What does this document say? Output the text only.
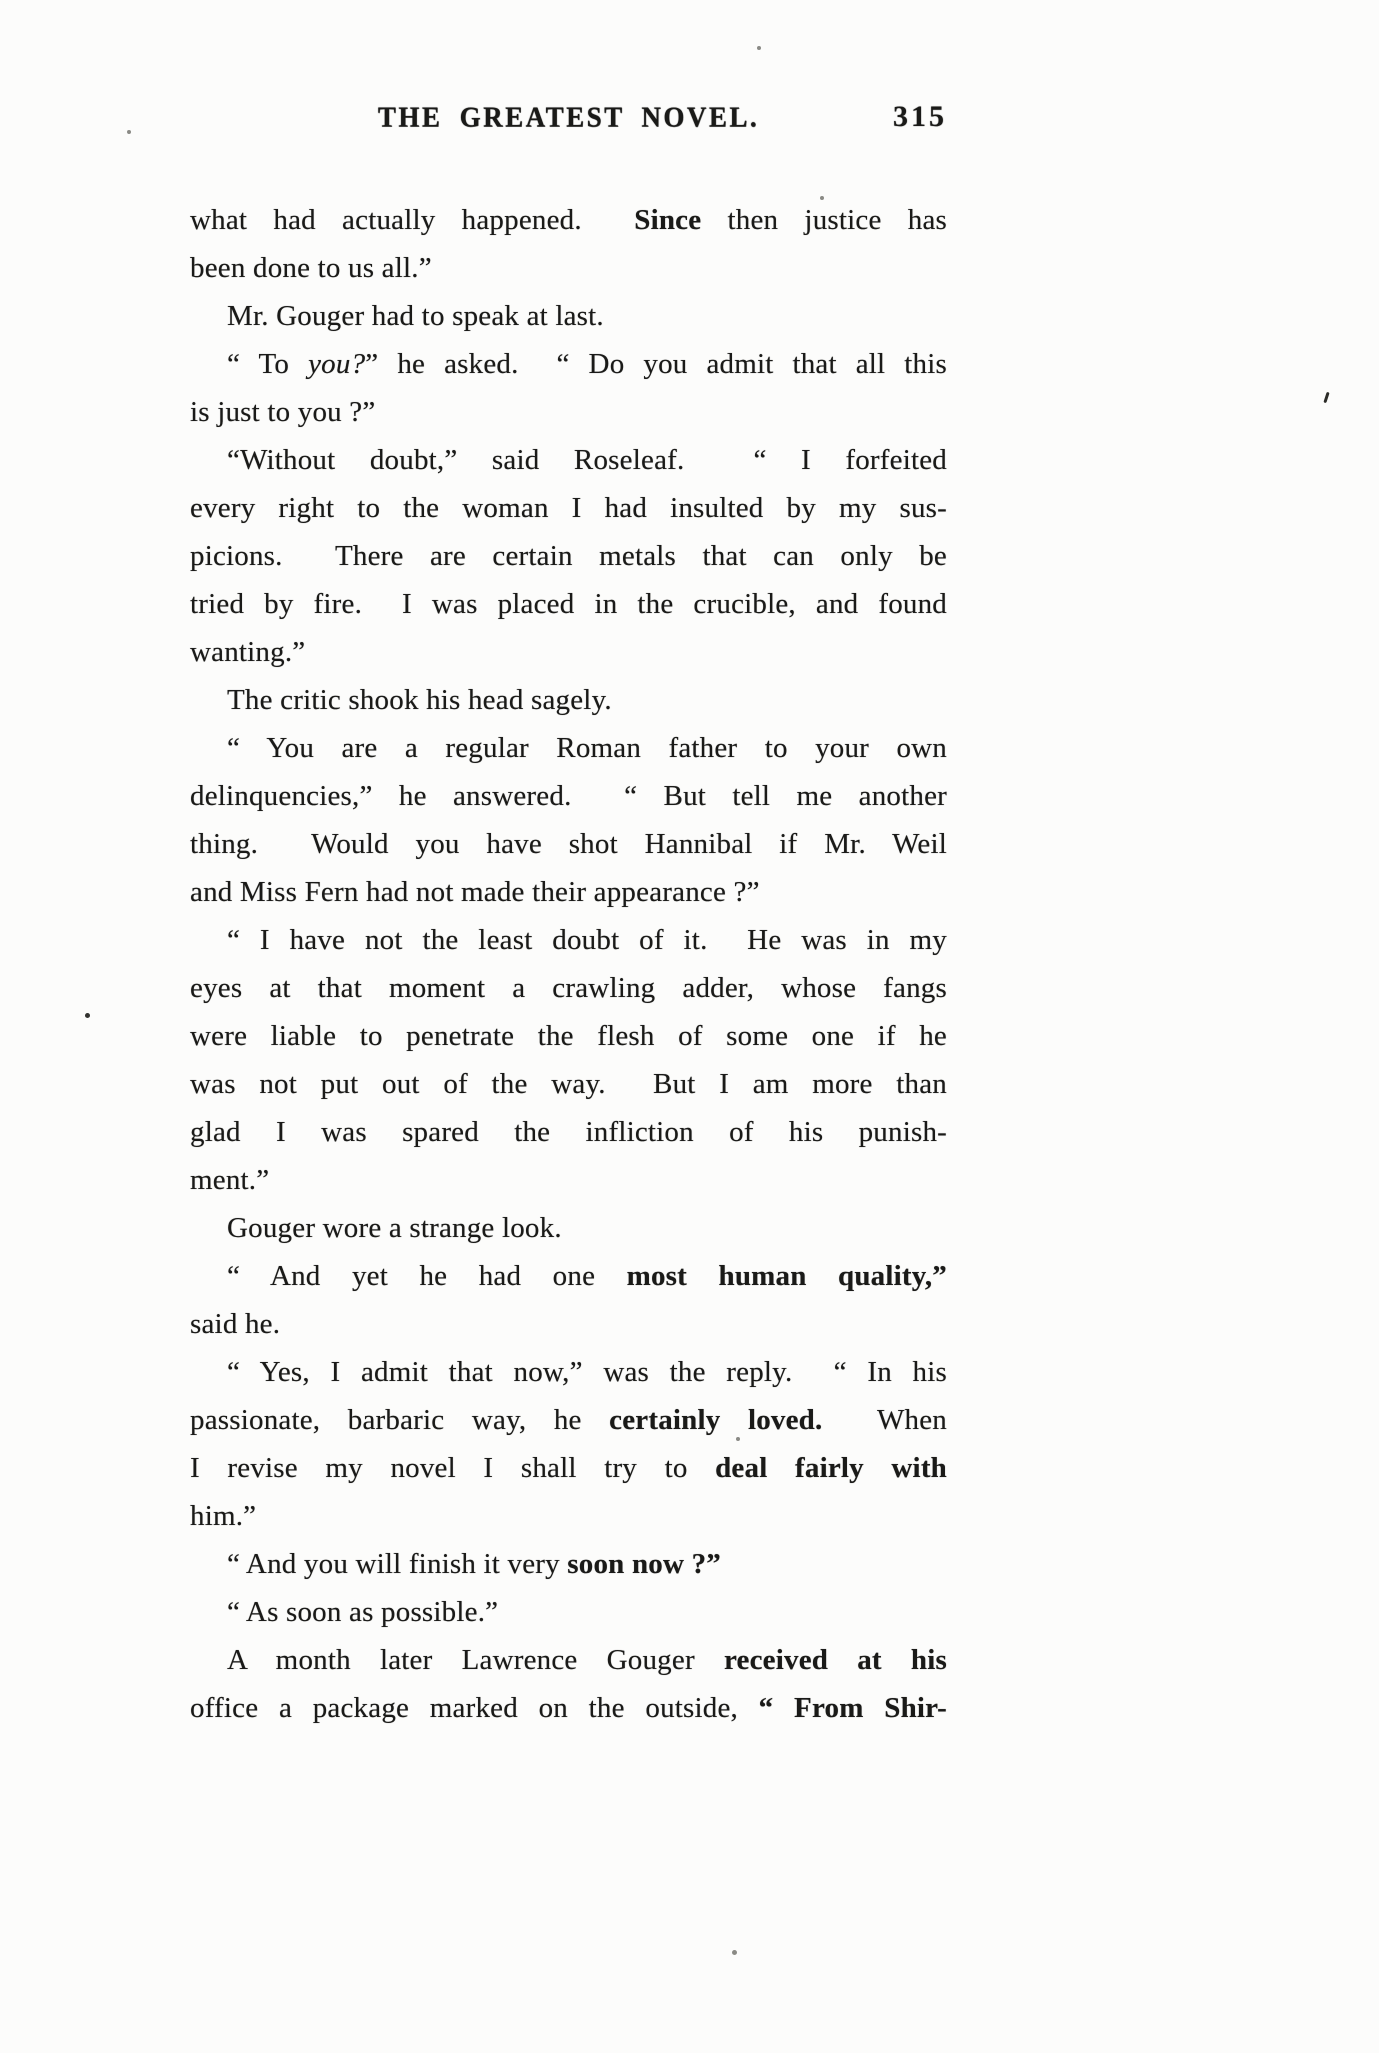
THE GREATEST NOVEL.	315
what had actually happened.  Since then justice has
been done to us all.”
Mr. Gouger had to speak at last.
“ To you?” he asked.  “ Do you admit that all this
is just to you ?”
“Without doubt,” said Roseleaf.  “ I forfeited
every right to the woman I had insulted by my sus-
picions.  There are certain metals that can only be
tried by fire.  I was placed in the crucible, and found
wanting.”
The critic shook his head sagely.
“ You are a regular Roman father to your own
delinquencies,” he answered.  “ But tell me another
thing.  Would you have shot Hannibal if Mr. Weil
and Miss Fern had not made their appearance ?”
“ I have not the least doubt of it.  He was in my
eyes at that moment a crawling adder, whose fangs
were liable to penetrate the flesh of some one if he
was not put out of the way.  But I am more than
glad I was spared the infliction of his punish-
ment.”
Gouger wore a strange look.
“ And yet he had one most human quality,”
said he.
“ Yes, I admit that now,” was the reply.  “ In his
passionate, barbaric way, he certainly loved.  When
I revise my novel I shall try to deal fairly with
him.”
“ And you will finish it very soon now ?”
“ As soon as possible.”
A month later Lawrence Gouger received at his
office a package marked on the outside, “ From Shir-
